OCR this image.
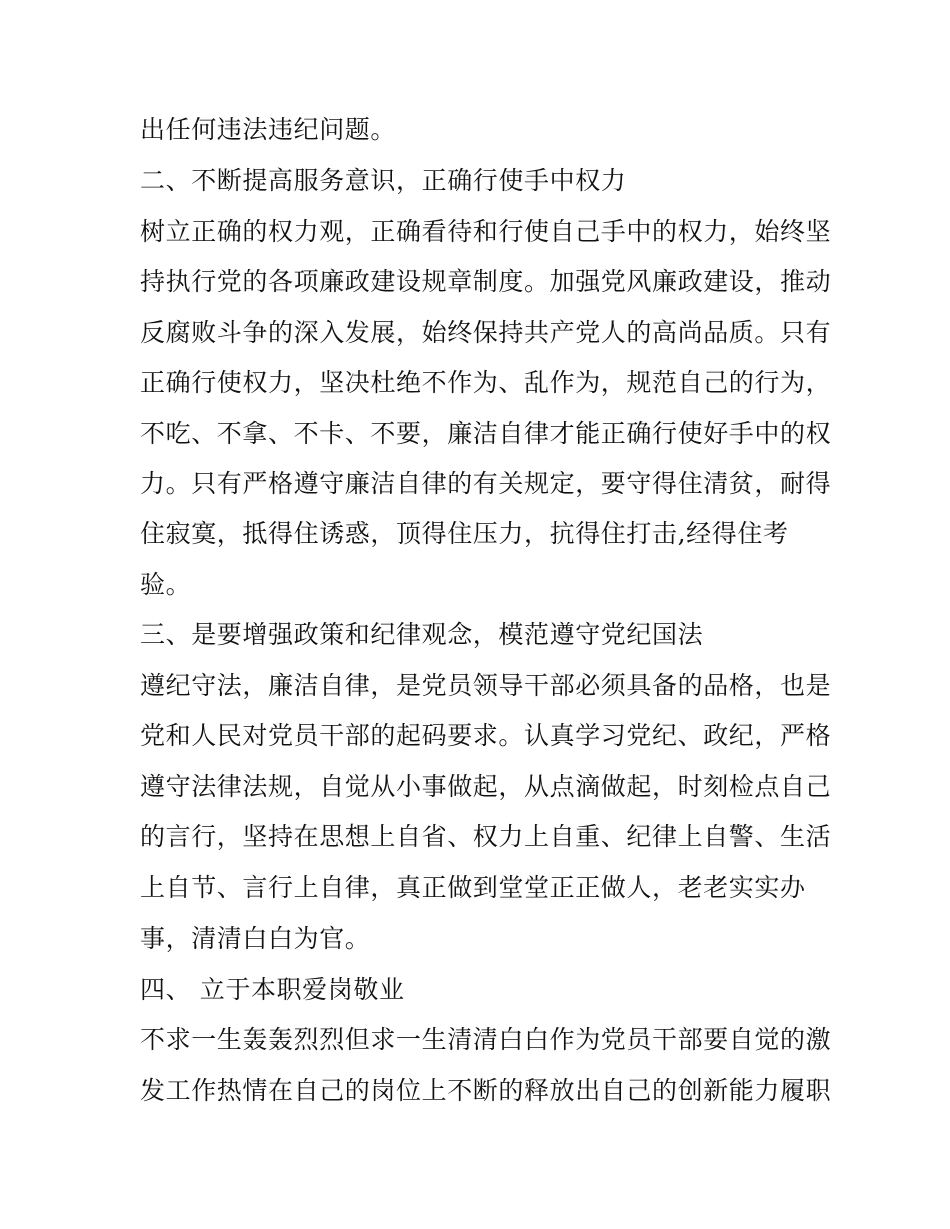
出任何违法违纪问题。
二、不断提高服务意识，正确行使手中权力
树立正确的权力观，正确看待和行使自己手中的权力，始终坚
持执行党的各项廉政建设规章制度。加强党风廉政建设，推动
反腐败斗争的深入发展，始终保持共产党人的高尚品质。只有
正确行使权力，坚决杜绝不作为、乱作为，规范自己的行为，
不吃、不拿、不卡、不要，廉洁自律才能正确行使好手中的权
力。只有严格遵守廉洁自律的有关规定，要守得住清贫，耐得
住寂寞，抵得住诱惑，顶得住压力，抗得住打击,经得住考
验。
三、是要增强政策和纪律观念，模范遵守党纪国法
遵纪守法，廉洁自律，是党员领导干部必须具备的品格，也是
党和人民对党员干部的起码要求。认真学习党纪、政纪，严格
遵守法律法规，自觉从小事做起，从点滴做起，时刻检点自己
的言行，坚持在思想上自省、权力上自重、纪律上自警、生活
上自节、言行上自律，真正做到堂堂正正做人，老老实实办
事，清清白白为官。
四、 立于本职爱岗敬业
不求一生轰轰烈烈但求一生清清白白作为党员干部要自觉的激
发工作热情在自己的岗位上不断的释放出自己的创新能力履职
